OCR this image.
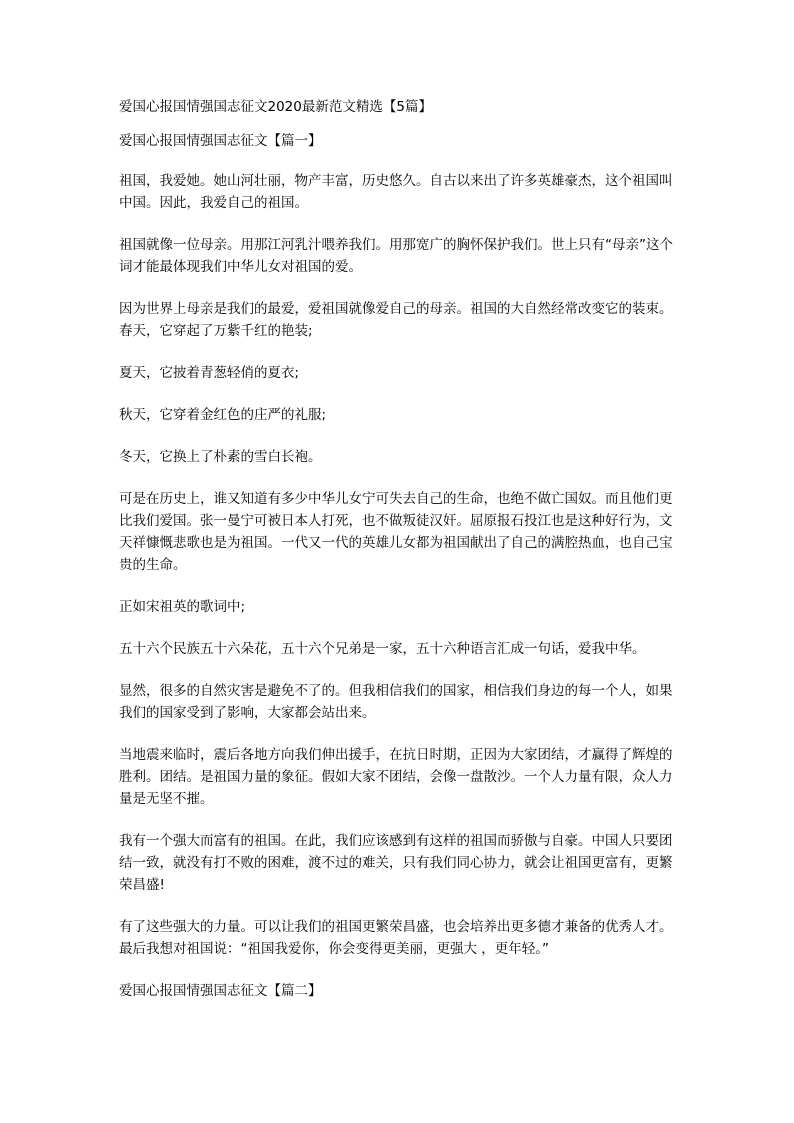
爱国心报国情强国志征文2020最新范文精选【5篇】

爱国心报国情强国志征文【篇一】

祖国，我爱她。她山河壮丽，物产丰富，历史悠久。自古以来出了许多英雄豪杰，这个祖国叫中国。因此，我爱自己的祖国。

祖国就像一位母亲。用那江河乳汁喂养我们。用那宽广的胸怀保护我们。世上只有“母亲”这个词才能最体现我们中华儿女对祖国的爱。

因为世界上母亲是我们的最爱，爱祖国就像爱自己的母亲。祖国的大自然经常改变它的装束。春天，它穿起了万紫千红的艳装;

夏天，它披着青葱轻俏的夏衣;

秋天，它穿着金红色的庄严的礼服;

冬天，它换上了朴素的雪白长袍。

可是在历史上，谁又知道有多少中华儿女宁可失去自己的生命，也绝不做亡国奴。而且他们更比我们爱国。张一曼宁可被日本人打死，也不做叛徒汉奸。屈原报石投江也是这种好行为，文天祥慷慨悲歌也是为祖国。一代又一代的英雄儿女都为祖国献出了自己的满腔热血，也自己宝贵的生命。

正如宋祖英的歌词中;

五十六个民族五十六朵花，五十六个兄弟是一家，五十六种语言汇成一句话，爱我中华。

显然，很多的自然灾害是避免不了的。但我相信我们的国家，相信我们身边的每一个人，如果我们的国家受到了影响，大家都会站出来。

当地震来临时，震后各地方向我们伸出援手，在抗日时期，正因为大家团结，才赢得了辉煌的胜利。团结。是祖国力量的象征。假如大家不团结，会像一盘散沙。一个人力量有限，众人力量是无坚不摧。

我有一个强大而富有的祖国。在此，我们应该感到有这样的祖国而骄傲与自豪。中国人只要团结一致，就没有打不败的困难，渡不过的难关，只有我们同心协力，就会让祖国更富有，更繁荣昌盛!

有了这些强大的力量。可以让我们的祖国更繁荣昌盛，也会培养出更多德才兼备的优秀人才。最后我想对祖国说：“祖国我爱你，你会变得更美丽，更强大 ，更年轻。”

爱国心报国情强国志征文【篇二】
